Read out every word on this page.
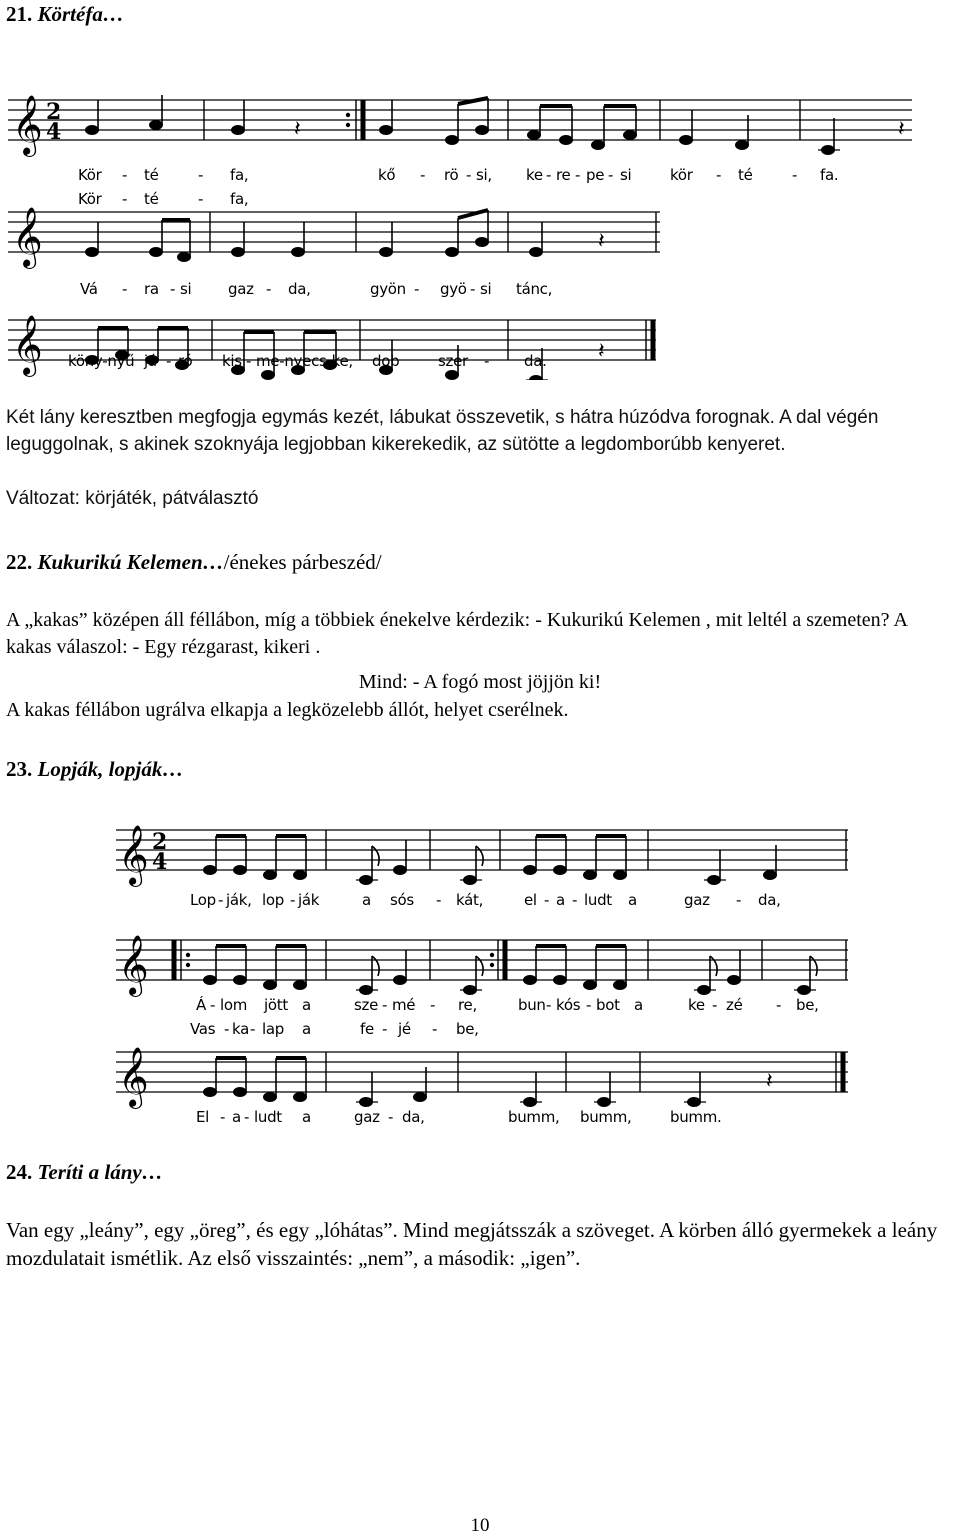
21. Körtéfa…
𝄞 2
4	𝄽	𝄽
Kör - té	- fa,	kő - rö - si, ke - re - pe - si	kör - té	- fa.
Kör - té	- fa,
𝄞	𝄽
Vá - ra - si gaz - da,	gyön - gyö - si tánc,
𝄞	𝄽
köny-nyű já - ró kis - me-nyecs-ke, dob	szer - da.
Két lány keresztben megfogja egymás kezét, lábukat összevetik, s hátra húzódva forognak. A dal végén leguggolnak, s akinek szoknyája legjobban kikerekedik, az sütötte a legdomborúbb kenyeret.
Változat: körjáték, pátválasztó
22. Kukurikú Kelemen…/énekes párbeszéd/
A „kakas” középen áll féllábon, míg a többiek énekelve kérdezik: - Kukurikú Kelemen , mit leltél a szemeten? A kakas válaszol: - Egy rézgarast, kikeri .
Mind: - A fogó most jöjjön ki!
A kakas féllábon ugrálva elkapja a legközelebb állót, helyet cserélnek.
23. Lopják, lopják…
𝄞 2
4
Lop - ják, lop - ják	a sós - kát,	el - a - ludt a	gaz - da,
𝄞
Á - lom jött a	sze - mé - re,	bun - kós - bot a	ke - zé - be,
Vas - ka - lap a	fe - jé - be,
𝄞	𝄽
El - a - ludt a	gaz - da,	bumm, bumm,	bumm.
24. Teríti a lány…
Van egy „leány”, egy „öreg”, és egy „lóhátas”. Mind megjátsszák a szöveget. A körben álló gyermekek a leány mozdulatait ismétlik. Az első visszaintés: „nem”, a második: „igen”.
10
